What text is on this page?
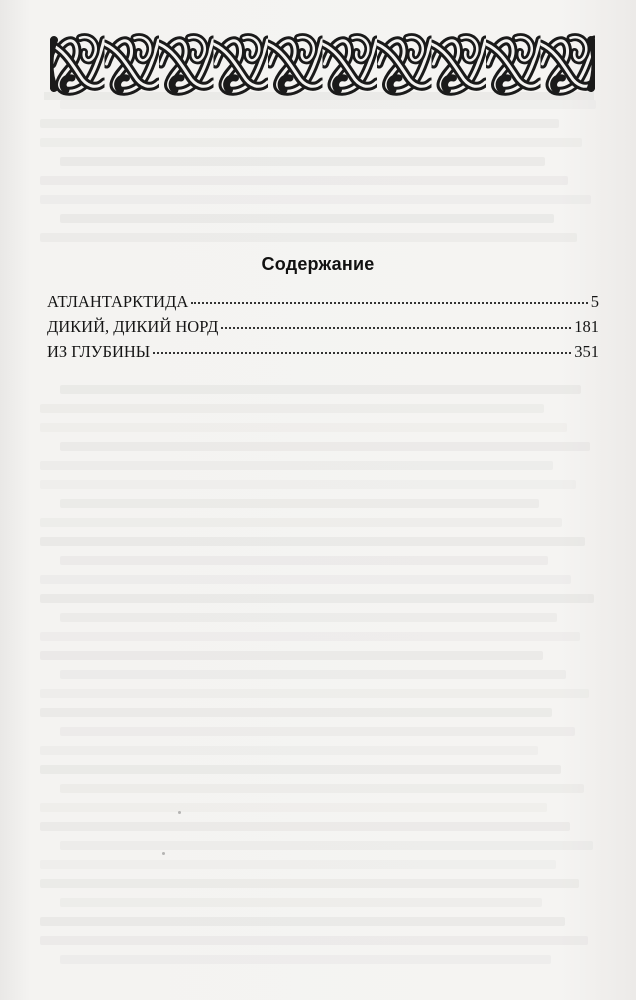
Содержание
АТЛАНТАРКТИДА	5
ДИКИЙ, ДИКИЙ НОРД	181
ИЗ ГЛУБИНЫ	351
